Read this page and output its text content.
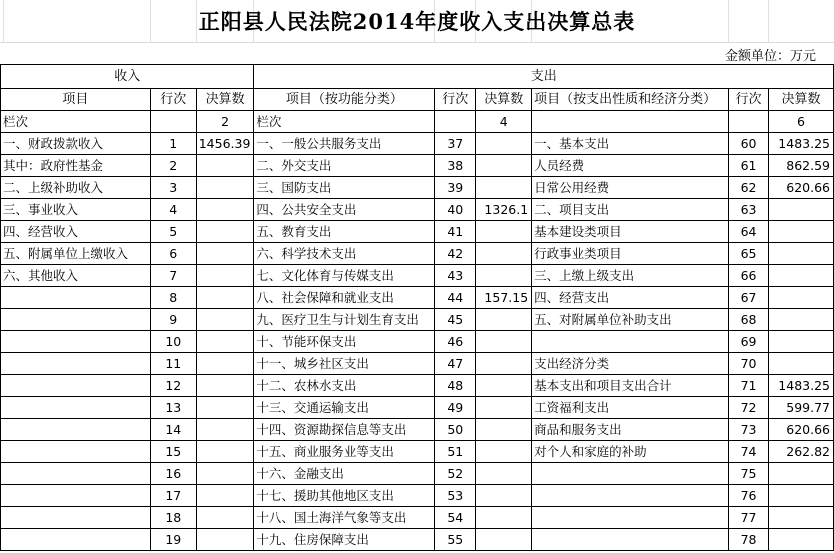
正阳县人民法院2014年度收入支出决算总表
金额单位：万元
收入			支出					
项目	行次	决算数	项目（按功能分类）	行次	决算数	项目（按支出性质和经济分类）	行次	决算数
栏次		2	栏次		4			6
一、财政拨款收入	1	1456.39	一、一般公共服务支出	37		一、基本支出	60	1483.25
其中：政府性基金	2		二、外交支出	38		人员经费	61	862.59
二、上级补助收入	3		三、国防支出	39		日常公用经费	62	620.66
三、事业收入	4		四、公共安全支出	40	1326.1	二、项目支出	63	
四、经营收入	5		五、教育支出	41		基本建设类项目	64	
五、附属单位上缴收入	6		六、科学技术支出	42		行政事业类项目	65	
六、其他收入	7		七、文化体育与传媒支出	43		三、上缴上级支出	66	
	8		八、社会保障和就业支出	44	157.15	四、经营支出	67	
	9		九、医疗卫生与计划生育支出	45		五、对附属单位补助支出	68	
	10		十、节能环保支出	46			69	
	11		十一、城乡社区支出	47		支出经济分类	70	
	12		十二、农林水支出	48		基本支出和项目支出合计	71	1483.25
	13		十三、交通运输支出	49		工资福利支出	72	599.77
	14		十四、资源勘探信息等支出	50		商品和服务支出	73	620.66
	15		十五、商业服务业等支出	51		对个人和家庭的补助	74	262.82
	16		十六、金融支出	52			75	
	17		十七、援助其他地区支出	53			76	
	18		十八、国土海洋气象等支出	54			77	
	19		十九、住房保障支出	55			78	
